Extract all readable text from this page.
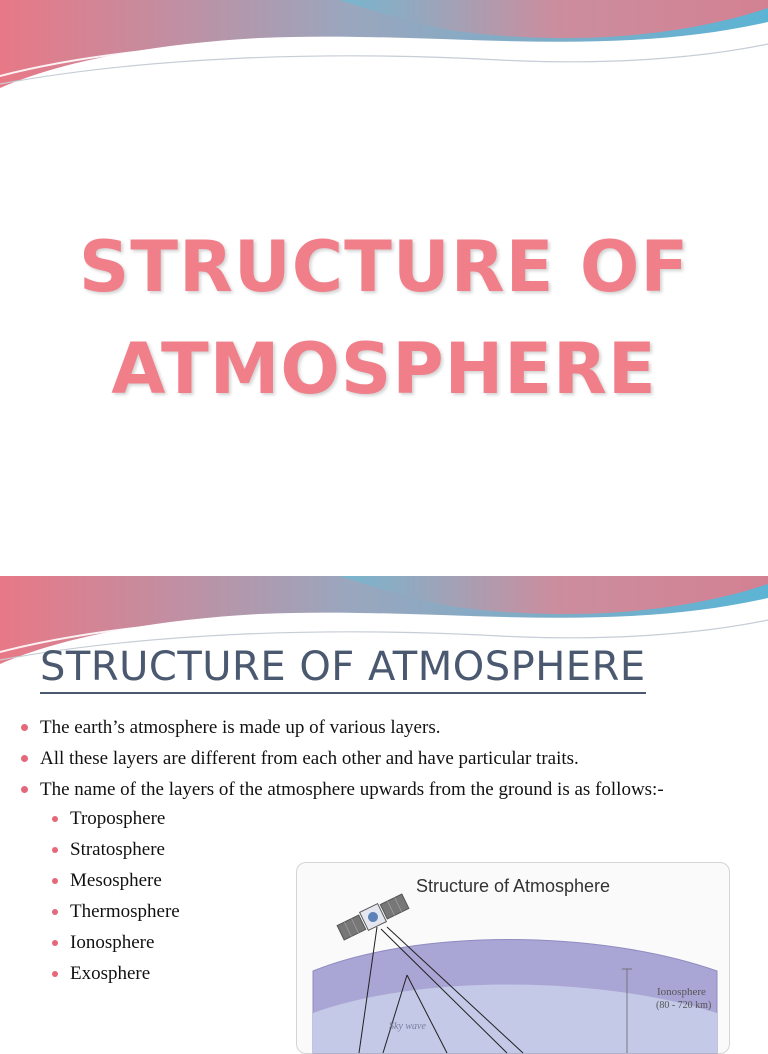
STRUCTURE OF
ATMOSPHERE
STRUCTURE OF ATMOSPHERE
The earth’s atmosphere is made up of various layers.
All these layers are different from each other and have particular traits.
The name of the layers of the atmosphere upwards from the ground is as follows:-
Troposphere
Stratosphere
Mesosphere
Thermosphere
Ionosphere
Exosphere
Structure of Atmosphere
Ionosphere
(80 - 720 km)
Sky wave
